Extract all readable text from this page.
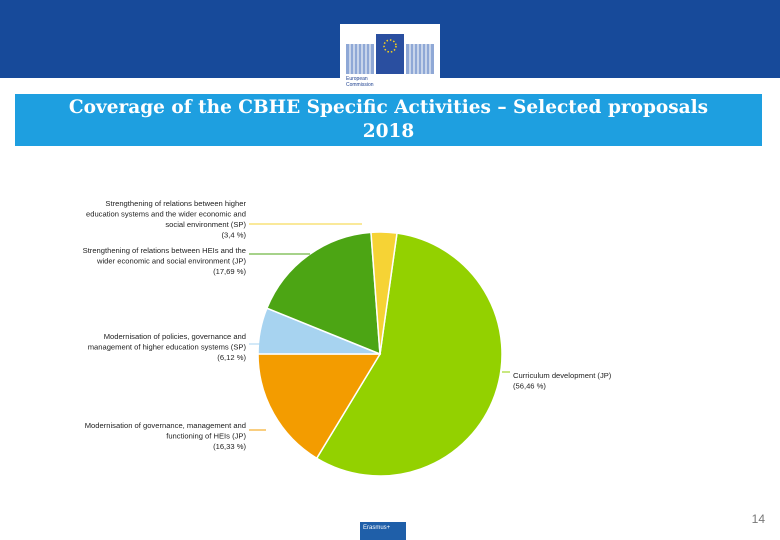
European
Commission
Coverage of the CBHE Specific Activities – Selected proposals
2018
Curriculum development (JP)
(56,46 %)
Modernisation of governance, management and
functioning of HEIs (JP)
(16,33 %)
Modernisation of policies, governance and
management of higher education systems (SP)
(6,12 %)
Strengthening of relations between HEIs and the
wider economic and social environment (JP)
(17,69 %)
Strengthening of relations between higher
education systems and the wider economic and
social environment (SP)
(3,4 %)
Erasmus+
14
